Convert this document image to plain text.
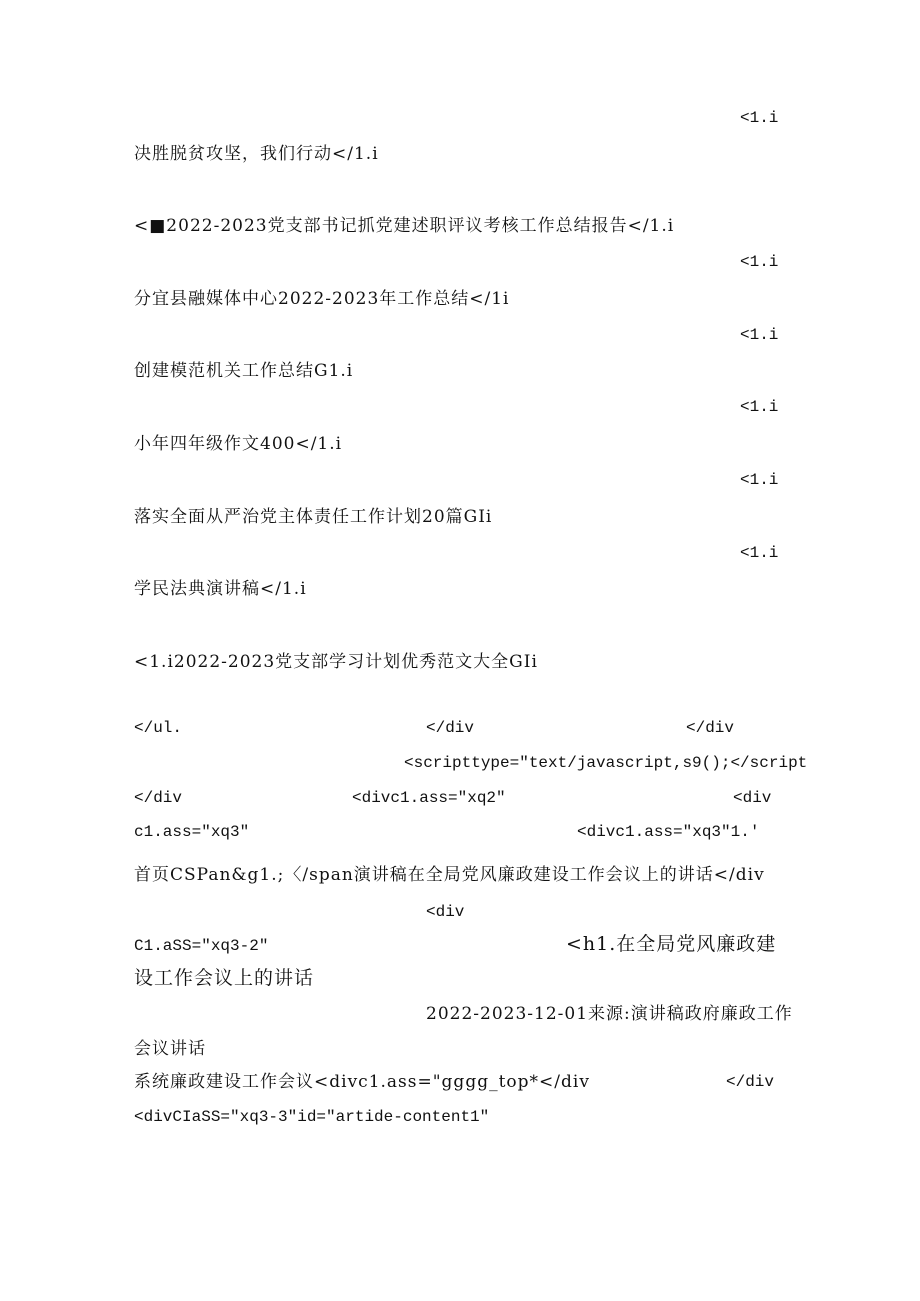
<1.i
<1.i
<1.i
<1.i
<1.i
<1.i
决胜脱贫攻坚，我们行动</1.i
<■2022-2023党支部书记抓党建述职评议考核工作总结报告</1.i
分宜县融媒体中心2022-2023年工作总结</1i
创建模范机关工作总结G1.i
小年四年级作文400</1.i
落实全面从严治党主体责任工作计划20篇GIi
学民法典演讲稿</1.i
<1.i2022-2023党支部学习计划优秀范文大全GIi
</ul.	</div	</div
<scripttype="text/javascript,s9();</script
</div	<divc1.ass="xq2"	<div
c1.ass="xq3"	<divc1.ass="xq3"1.'
首页CSPan&g1.;〈/span演讲稿在全局党风廉政建设工作会议上的讲话</div
<div
C1.aSS="xq3-2"	<h1.在全局党风廉政建
设工作会议上的讲话
2022-2023-12-01来源:演讲稿政府廉政工作
会议讲话
系统廉政建设工作会议<divc1.ass="gggg_top*</div	</div
<divCIaSS="xq3-3"id="artide-content1"
